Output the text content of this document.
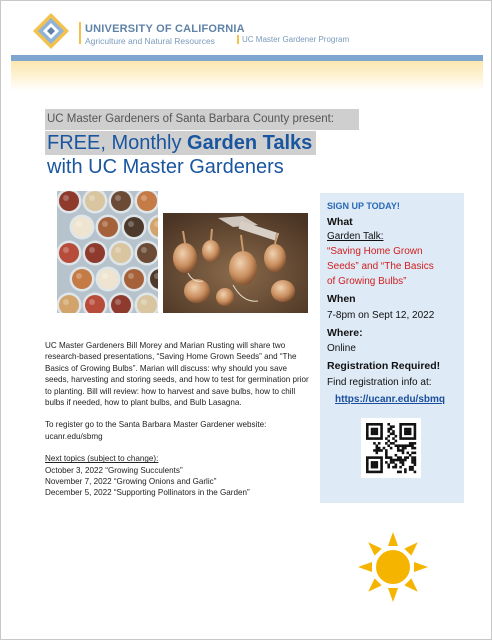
UNIVERSITY OF CALIFORNIA
Agriculture and Natural Resources	UC Master Gardener Program
UC Master Gardeners of Santa Barbara County present:
FREE, Monthly Garden Talks
with UC Master Gardeners

UC Master Gardeners Bill Morey and Marian Rusting will share two research-based presentations, “Saving Home Grown Seeds” and “The Basics of Growing Bulbs”. Marian will discuss: why should you save seeds, harvesting and storing seeds, and how to test for germination prior to planting. Bill will review: how to harvest and save bulbs, how to chill bulbs if needed, how to plant bulbs, and Bulb Lasagna.

To register go to the Santa Barbara Master Gardener website: ucanr.edu/sbmg

Next topics (subject to change):
October 3, 2022 “Growing Succulents”
November 7, 2022 “Growing Onions and Garlic”
December 5, 2022 “Supporting Pollinators in the Garden”
SIGN UP TODAY!
What
Garden Talk:
“Saving Home Grown
Seeds” and “The Basics
of Growing Bulbs”
When
7-8pm on Sept 12, 2022
Where:
Online
Registration Required!
Find registration info at:
https://ucanr.edu/sbmq
